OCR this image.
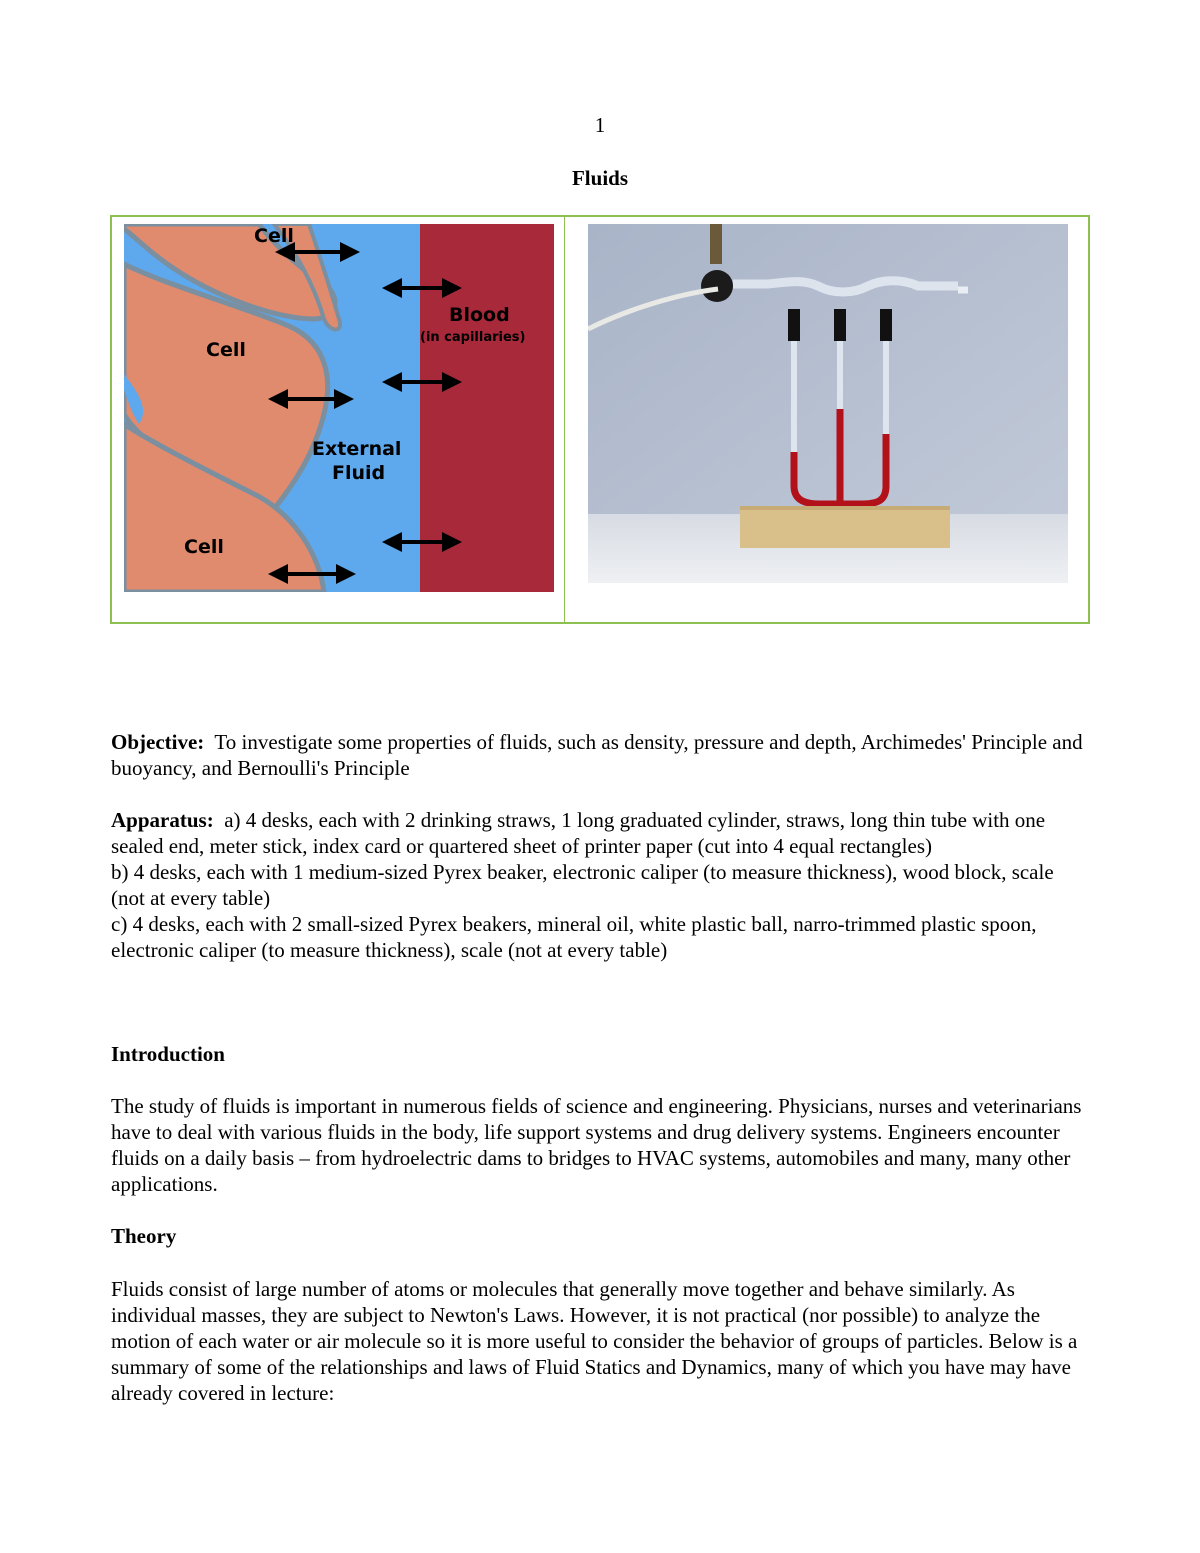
1
Fluids
Cell
Cell
Cell
Blood
(in capillaries)
External
Fluid

Objective: To investigate some properties of fluids, such as density, pressure and depth, Archimedes' Principle and buoyancy, and Bernoulli's Principle

Apparatus: a) 4 desks, each with 2 drinking straws, 1 long graduated cylinder, straws, long thin tube with one sealed end, meter stick, index card or quartered sheet of printer paper (cut into 4 equal rectangles)

b) 4 desks, each with 1 medium-sized Pyrex beaker, electronic caliper (to measure thickness), wood block, scale (not at every table)

c) 4 desks, each with 2 small-sized Pyrex beakers, mineral oil, white plastic ball, narro-trimmed plastic spoon, electronic caliper (to measure thickness), scale (not at every table)

Introduction
The study of fluids is important in numerous fields of science and engineering. Physicians, nurses and veterinarians have to deal with various fluids in the body, life support systems and drug delivery systems. Engineers encounter fluids on a daily basis – from hydroelectric dams to bridges to HVAC systems, automobiles and many, many other applications.
Theory
Fluids consist of large number of atoms or molecules that generally move together and behave similarly. As individual masses, they are subject to Newton's Laws. However, it is not practical (nor possible) to analyze the motion of each water or air molecule so it is more useful to consider the behavior of groups of particles. Below is a summary of some of the relationships and laws of Fluid Statics and Dynamics, many of which you have may have already covered in lecture:
